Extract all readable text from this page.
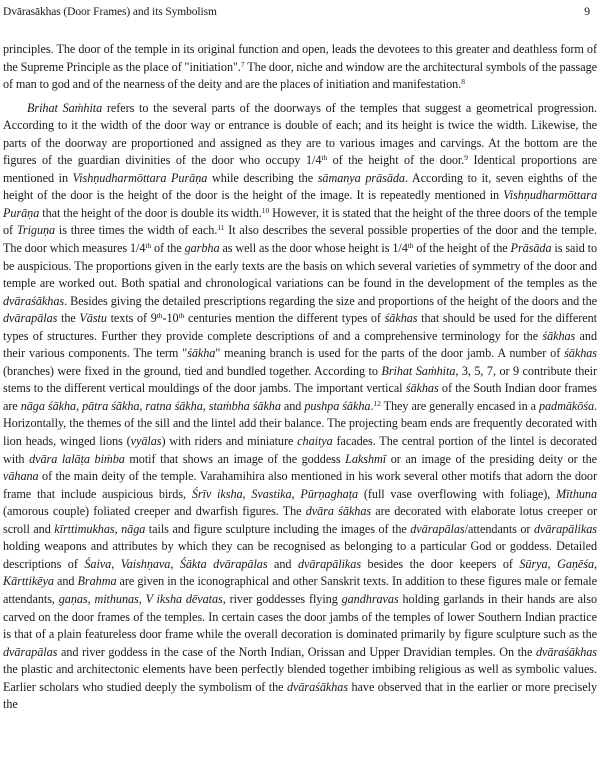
Dvārasākhas (Door Frames) and its Symbolism	9

principles. The door of the temple in its original function and open, leads the devotees to this greater and deathless form of the Supreme Principle as the place of "initiation".$^7$ The door, niche and window are the architectural symbols of the passage of man to god and of the nearness of the deity and are the places of initiation and manifestation.$^8$

Brihat Saṁhita refers to the several parts of the doorways of the temples that suggest a geometrical progression. According to it the width of the door way or entrance is double of each; and its height is twice the width. Likewise, the parts of the doorway are proportioned and assigned as they are to various images and carvings. At the bottom are the figures of the guardian divinities of the door who occupy 1/4th of the height of the door.$^9$ Identical proportions are mentioned in Vishṇudharmōttara Purāṇa while describing the sāmanya prāsāda. According to it, seven eighths of the height of the door is the height of the door is the height of the image. It is repeatedly mentioned in Vishṇudharmōttara Purāṇa that the height of the door is double its width.$^{10}$ However, it is stated that the height of the three doors of the temple of Triguṇa is three times the width of each.$^{11}$ It also describes the several possible properties of the door and the temple. The door which measures 1/4th of the garbha as well as the door whose height is 1/4th of the height of the Prāsāda is said to be auspicious. The proportions given in the early texts are the basis on which several varieties of symmetry of the door and temple are worked out. Both spatial and chronological variations can be found in the development of the temples as the dvāraśākhas. Besides giving the detailed prescriptions regarding the size and proportions of the height of the doors and the dvārapālas the Vāstu texts of 9th-10th centuries mention the different types of śākhas that should be used for the different types of structures. Further they provide complete descriptions of and a comprehensive terminology for the śākhas and their various components. The term "śākha" meaning branch is used for the parts of the door jamb. A number of śākhas (branches) were fixed in the ground, tied and bundled together. According to Brihat Saṁhita, 3, 5, 7, or 9 contribute their stems to the different vertical mouldings of the door jambs. The important vertical śākhas of the South Indian door frames are nāga śākha, pātra śākha, ratna śākha, staṁbha śākha and pushpa śākha.$^{12}$ They are generally encased in a padmākōśa. Horizontally, the themes of the sill and the lintel add their balance. The projecting beam ends are frequently decorated with lion heads, winged lions (vyālas) with riders and miniature chaitya facades. The central portion of the lintel is decorated with dvāra lalāṭa biṁba motif that shows an image of the goddess Lakshmī or an image of the presiding deity or the vāhana of the main deity of the temple. Varahamihira also mentioned in his work several other motifs that adorn the door frame that include auspicious birds, Śrīv iksha, Svastika, Pūrṇaghaṭa (full vase overflowing with foliage), Mīthuna (amorous couple) foliated creeper and dwarfish figures. The dvāra śākhas are decorated with elaborate lotus creeper or scroll and kīrttimukhas, nāga tails and figure sculpture including the images of the dvārapālas/attendants or dvārapālikas holding weapons and attributes by which they can be recognised as belonging to a particular God or goddess. Detailed descriptions of Śaiva, Vaishṇava, Śākta dvārapālas and dvārapālikas besides the door keepers of Sūrya, Gaṇēśa, Kārttikēya and Brahma are given in the iconographical and other Sanskrit texts. In addition to these figures male or female attendants, gaṇas, mithunas, V iksha dēvatas, river goddesses flying gandhravas holding garlands in their hands are also carved on the door frames of the temples. In certain cases the door jambs of the temples of lower Southern Indian practice is that of a plain featureless door frame while the overall decoration is dominated primarily by figure sculpture such as the dvārapālas and river goddess in the case of the North Indian, Orissan and Upper Dravidian temples. On the dvāraśākhas the plastic and architectonic elements have been perfectly blended together imbibing religious as well as symbolic values. Earlier scholars who studied deeply the symbolism of the dvāraśākhas have observed that in the earlier or more precisely the
